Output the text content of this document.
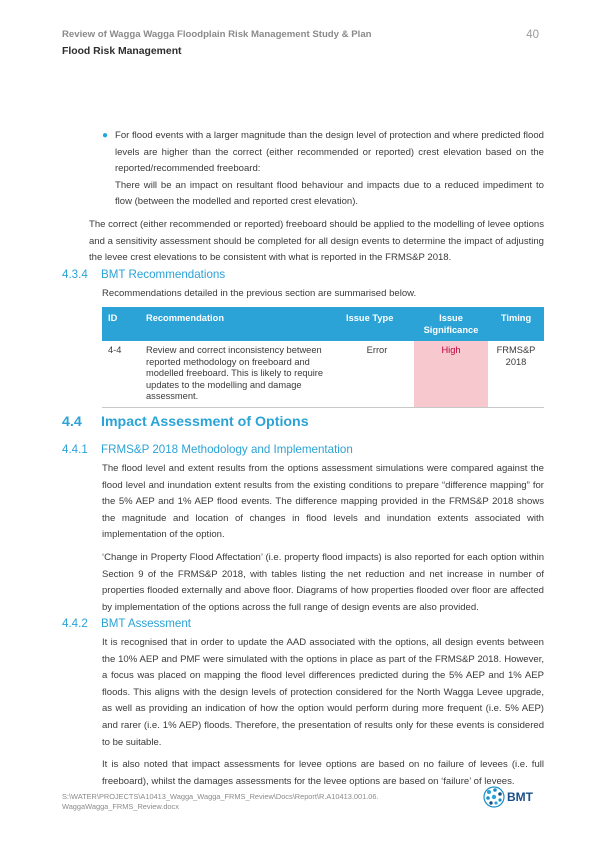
Review of Wagga Wagga Floodplain Risk Management Study & Plan
Flood Risk Management
40
● For flood events with a larger magnitude than the design level of protection and where predicted flood levels are higher than the correct (either recommended or reported) crest elevation based on the reported/recommended freeboard:

There will be an impact on resultant flood behaviour and impacts due to a reduced impediment to flow (between the modelled and reported crest elevation).

The correct (either recommended or reported) freeboard should be applied to the modelling of levee options and a sensitivity assessment should be completed for all design events to determine the impact of adjusting the levee crest elevations to be consistent with what is reported in the FRMS&P 2018.

4.3.4 BMT Recommendations
Recommendations detailed in the previous section are summarised below.
ID	Recommendation	Issue Type	Issue Significance	Timing
4-4	Review and correct inconsistency between reported methodology on freeboard and modelled freeboard. This is likely to require updates to the modelling and damage assessment.	Error	High	FRMS&P 2018
4.4 Impact Assessment of Options
4.4.1 FRMS&P 2018 Methodology and Implementation

The flood level and extent results from the options assessment simulations were compared against the flood level and inundation extent results from the existing conditions to prepare “difference mapping” for the 5% AEP and 1% AEP flood events. The difference mapping provided in the FRMS&P 2018 shows the magnitude and location of changes in flood levels and inundation extents associated with implementation of the option.

‘Change in Property Flood Affectation’ (i.e. property flood impacts) is also reported for each option within Section 9 of the FRMS&P 2018, with tables listing the net reduction and net increase in number of properties flooded externally and above floor. Diagrams of how properties flooded over floor are affected by implementation of the options across the full range of design events are also provided.

4.4.2 BMT Assessment

It is recognised that in order to update the AAD associated with the options, all design events between the 10% AEP and PMF were simulated with the options in place as part of the FRMS&P 2018. However, a focus was placed on mapping the flood level differences predicted during the 5% AEP and 1% AEP floods. This aligns with the design levels of protection considered for the North Wagga Levee upgrade, as well as providing an indication of how the option would perform during more frequent (i.e. 5% AEP) and rarer (i.e. 1% AEP) floods. Therefore, the presentation of results only for these events is considered to be suitable.

It is also noted that impact assessments for levee options are based on no failure of levees (i.e. full freeboard), whilst the damages assessments for the levee options are based on ‘failure’ of levees.

S:\WATER\PROJECTS\A10413_Wagga_Wagga_FRMS_Review\Docs\Report\R.A10413.001.06.
WaggaWagga_FRMS_Review.docx
BMT
